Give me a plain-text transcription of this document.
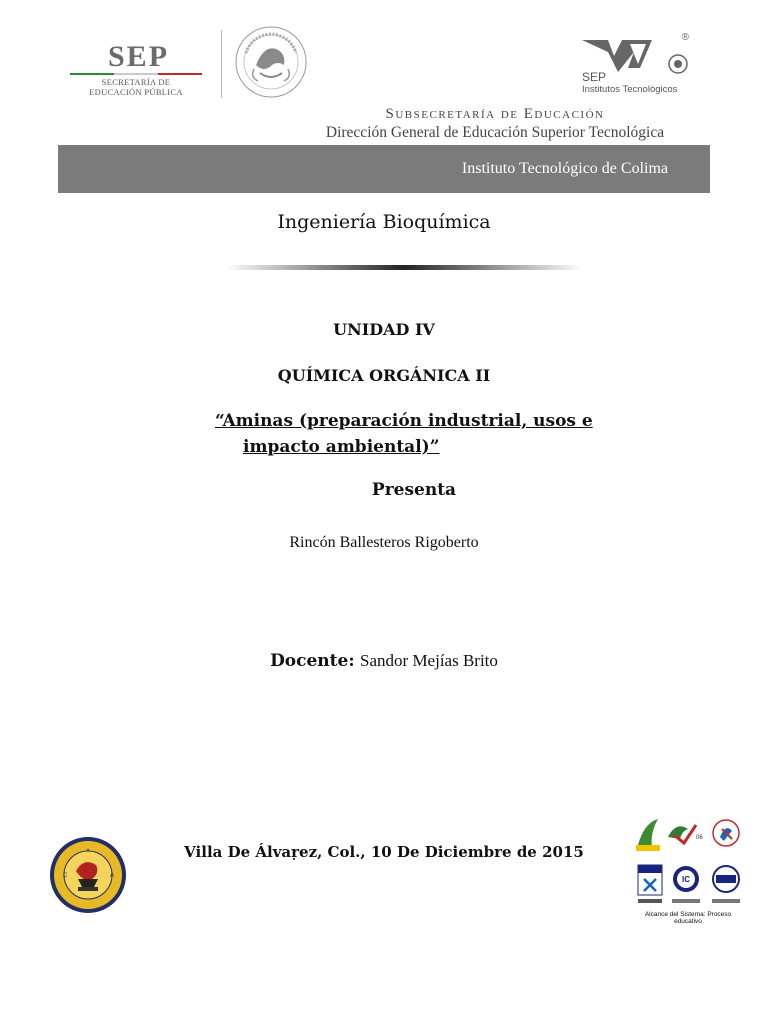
SEP
SECRETARÍA DE
EDUCACIÓN PÚBLICA
®
SEP
Institutos Tecnológicos
Subsecretaría de Educación
Dirección General de Educación Superior Tecnológica
Instituto Tecnológico de Colima
Ingeniería Bioquímica
UNIDAD IV
QUÍMICA ORGÁNICA II
“Aminas (preparación industrial, usos e
impacto ambiental)”
Presenta
Rincón Ballesteros Rigoberto
Docente: Sandor Mejías Brito
Villa De Álvaṛez, Col., 10 De Diciembre de 2015
•
C	A
06
IC
Alcance del Sistema: Proceso educativo
